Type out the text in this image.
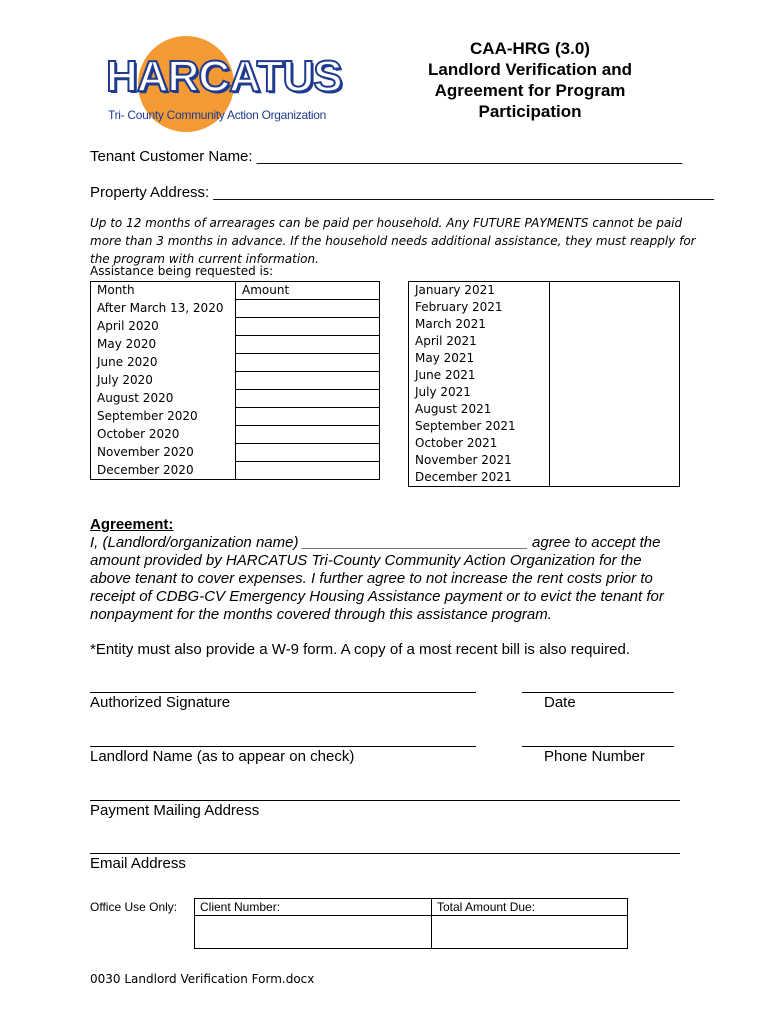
HARCATUS
Tri- County Community Action Organization
CAA-HRG (3.0)
Landlord Verification and
Agreement for Program
Participation
Tenant Customer Name: ___________________________________________________
Property Address: ____________________________________________________________
Up to 12 months of arrearages can be paid per household. Any FUTURE PAYMENTS cannot be paid
more than 3 months in advance. If the household needs additional assistance, they must reapply for
the program with current information.
Assistance being requested is:
Month	Amount
After March 13, 2020	
April 2020	
May 2020	
June 2020	
July 2020	
August 2020	
September 2020	
October 2020	
November 2020	
December 2020	
January 2021	
February 2021	
March 2021	
April 2021	
May 2021	
June 2021	
July 2021	
August 2021	
September 2021	
October 2021	
November 2021	
December 2021	
Agreement:
I, (Landlord/organization name) ___________________________ agree to accept the
amount provided by HARCATUS Tri-County Community Action Organization for the
above tenant to cover expenses. I further agree to not increase the rent costs prior to
receipt of CDBG-CV Emergency Housing Assistance payment or to evict the tenant for
nonpayment for the months covered through this assistance program.
*Entity must also provide a W-9 form. A copy of a most recent bill is also required.
Authorized Signature	Date
Landlord Name (as to appear on check)	Phone Number
Payment Mailing Address
Email Address
Office Use Only: Client Number:	Total Amount Due:

0030 Landlord Verification Form.docx
